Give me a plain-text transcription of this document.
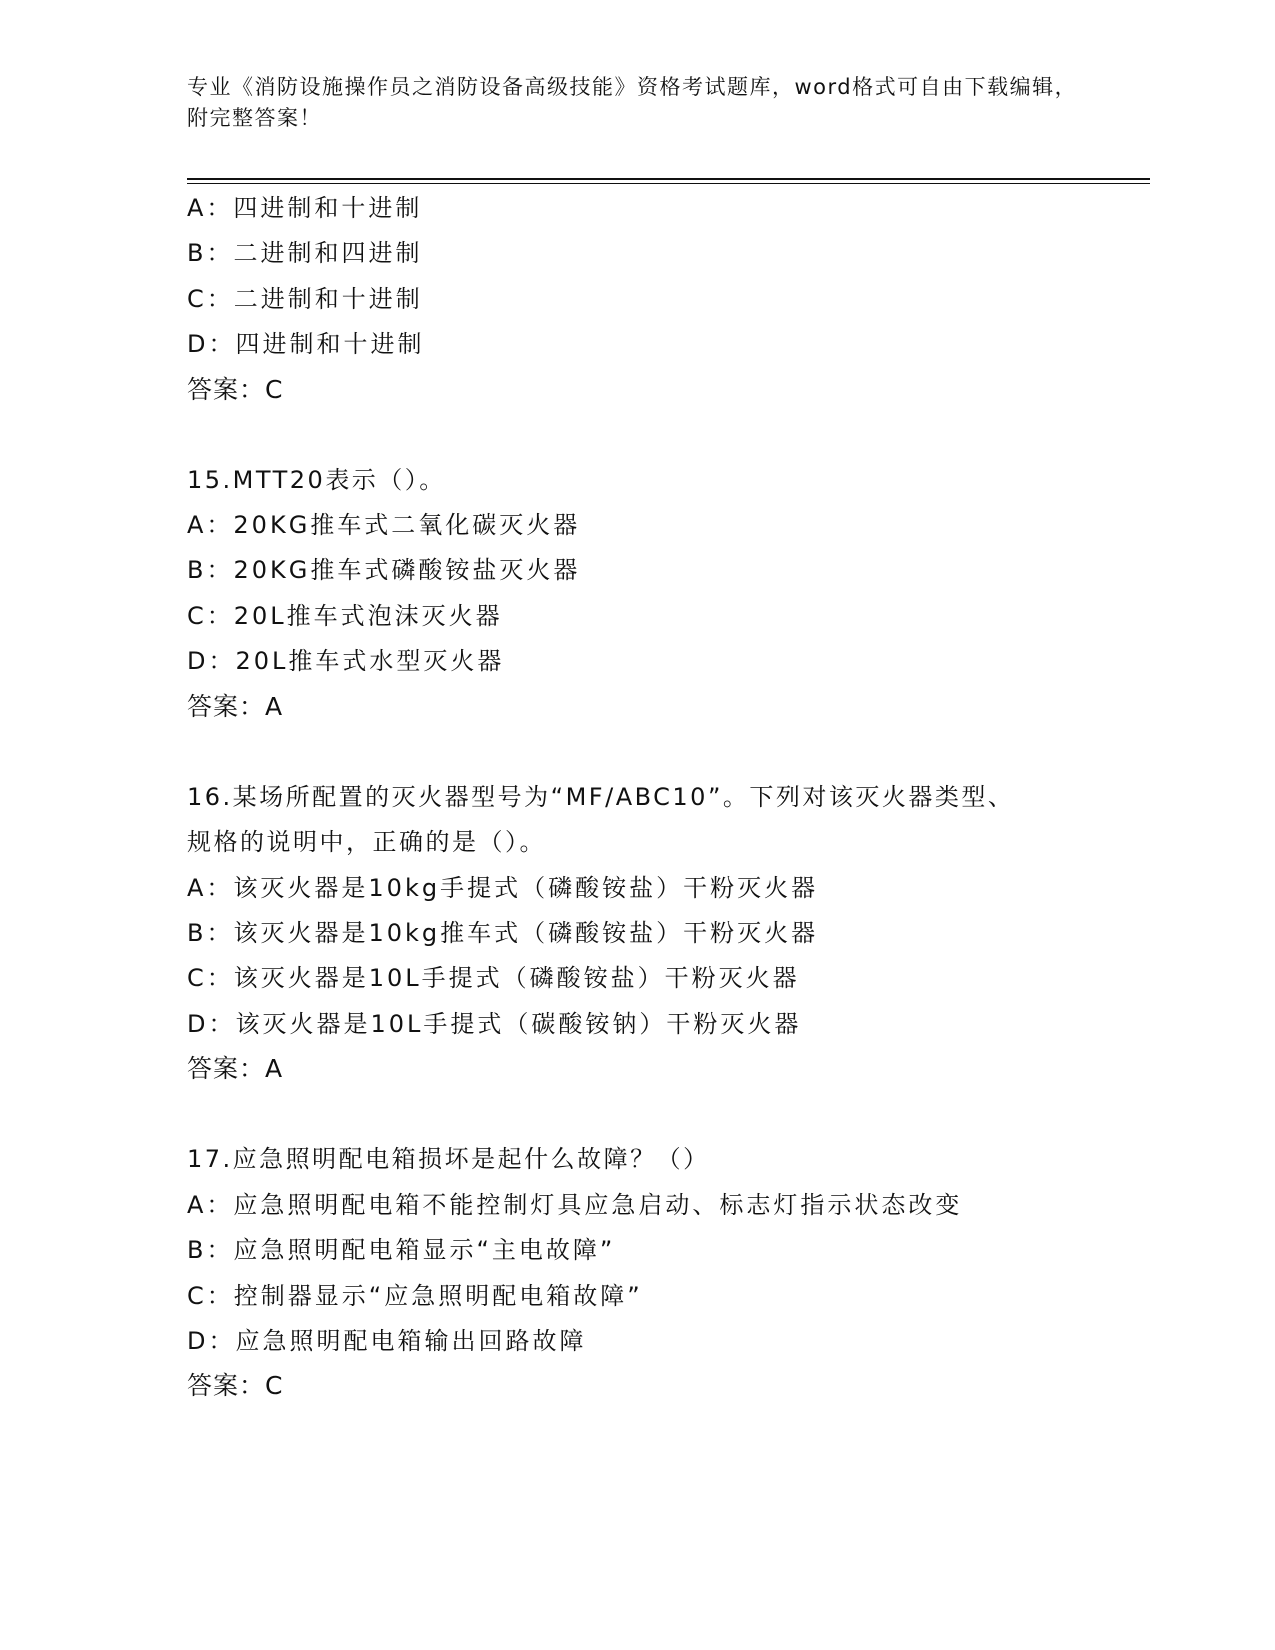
专业《消防设施操作员之消防设备高级技能》资格考试题库，word格式可自由下载编辑，附完整答案！
A：四进制和十进制
B：二进制和四进制
C：二进制和十进制
D：四进制和十进制
答案：C
15.MTT20表示（）。
A：20KG推车式二氧化碳灭火器
B：20KG推车式磷酸铵盐灭火器
C：20L推车式泡沫灭火器
D：20L推车式水型灭火器
答案：A
16.某场所配置的灭火器型号为“MF/ABC10”。下列对该灭火器类型、
规格的说明中，正确的是（）。
A：该灭火器是10kg手提式（磷酸铵盐）干粉灭火器
B：该灭火器是10kg推车式（磷酸铵盐）干粉灭火器
C：该灭火器是10L手提式（磷酸铵盐）干粉灭火器
D：该灭火器是10L手提式（碳酸铵钠）干粉灭火器
答案：A
17.应急照明配电箱损坏是起什么故障？（）
A：应急照明配电箱不能控制灯具应急启动、标志灯指示状态改变
B：应急照明配电箱显示“主电故障”
C：控制器显示“应急照明配电箱故障”
D：应急照明配电箱输出回路故障
答案：C
